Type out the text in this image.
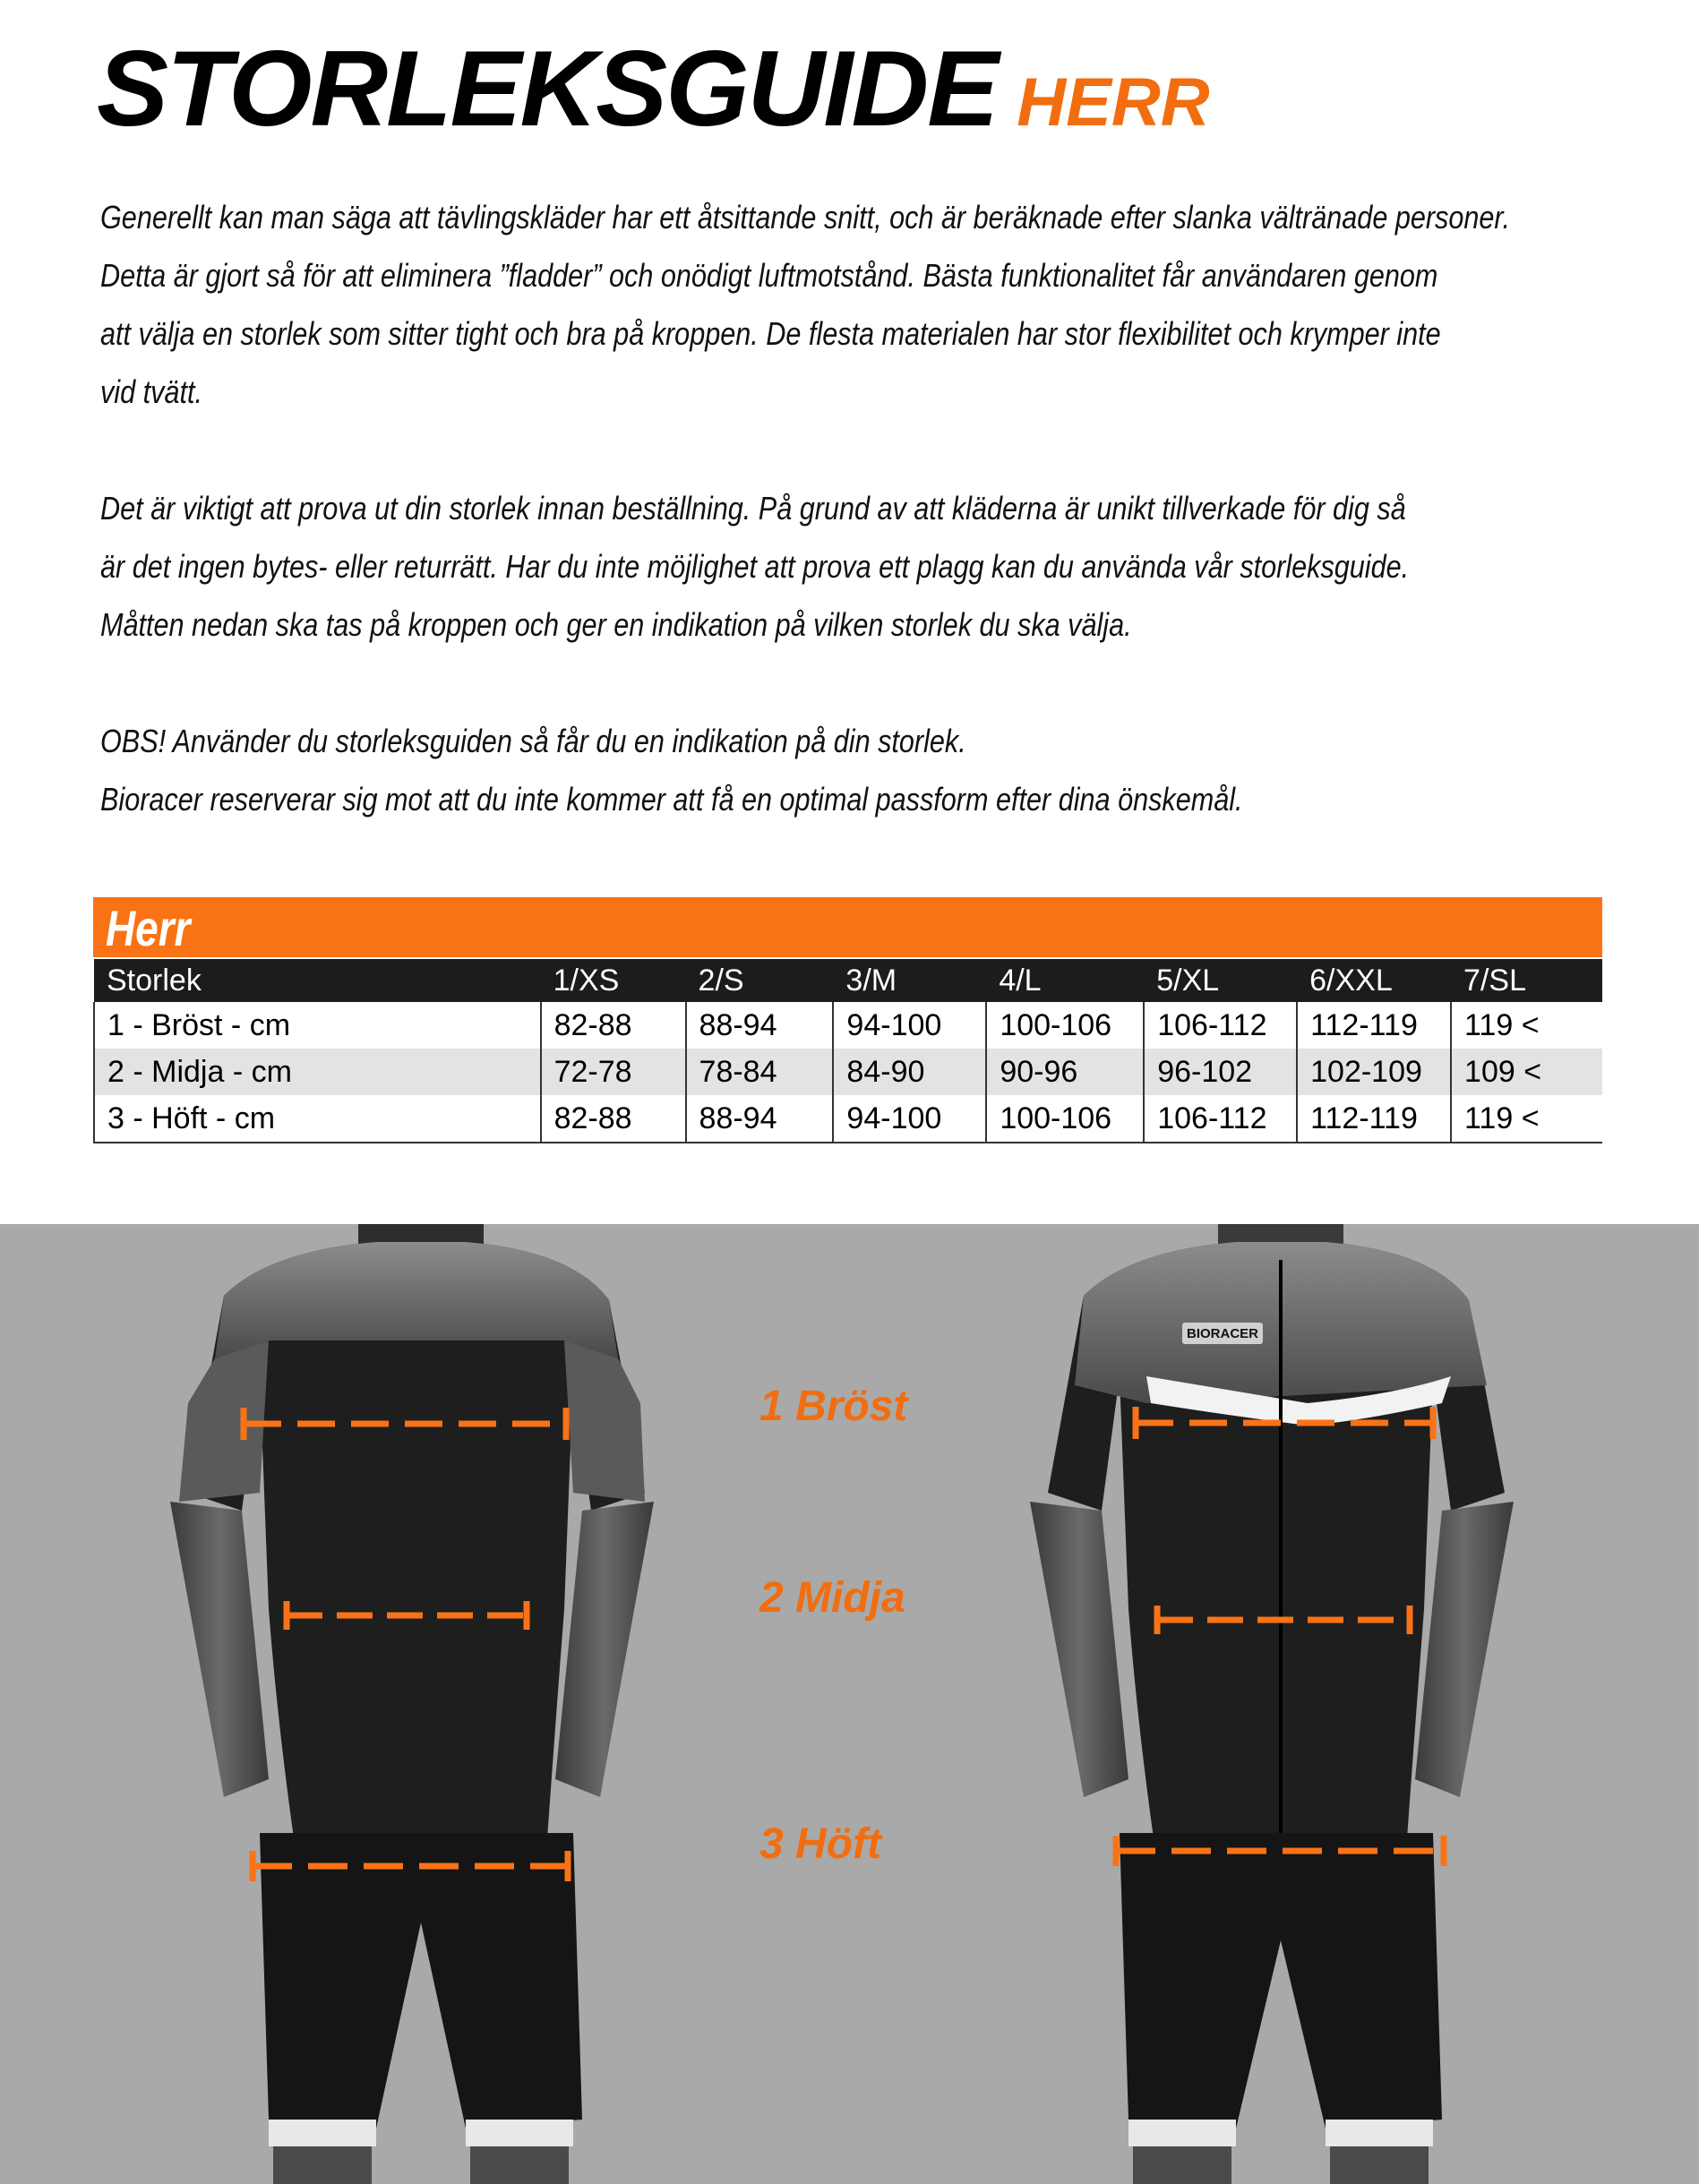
STORLEKSGUIDE HERR

Generellt kan man säga att tävlingskläder har ett åtsittande snitt, och är beräknade efter slanka vältränade personer.
Detta är gjort så för att eliminera ”fladder” och onödigt luftmotstånd. Bästa funktionalitet får användaren genom
att välja en storlek som sitter tight och bra på kroppen. De flesta materialen har stor flexibilitet och krymper inte
vid tvätt.

Det är viktigt att prova ut din storlek innan beställning. På grund av att kläderna är unikt tillverkade för dig så
är det ingen bytes- eller returrätt. Har du inte möjlighet att prova ett plagg kan du använda vår storleksguide.
Måtten nedan ska tas på kroppen och ger en indikation på vilken storlek du ska välja.

OBS! Använder du storleksguiden så får du en indikation på din storlek.
Bioracer reserverar sig mot att du inte kommer att få en optimal passform efter dina önskemål.

Herr
Storlek	1/XS	2/S	3/M	4/L	5/XL	6/XXL	7/SL
1 - Bröst - cm	82-88	88-94	94-100	100-106	106-112	112-119	119 <
2 - Midja - cm	72-78	78-84	84-90	90-96	96-102	102-109	109 <
3 - Höft - cm	82-88	88-94	94-100	100-106	106-112	112-119	119 <
BIORACER
1 Bröst
2 Midja
3 Höft
